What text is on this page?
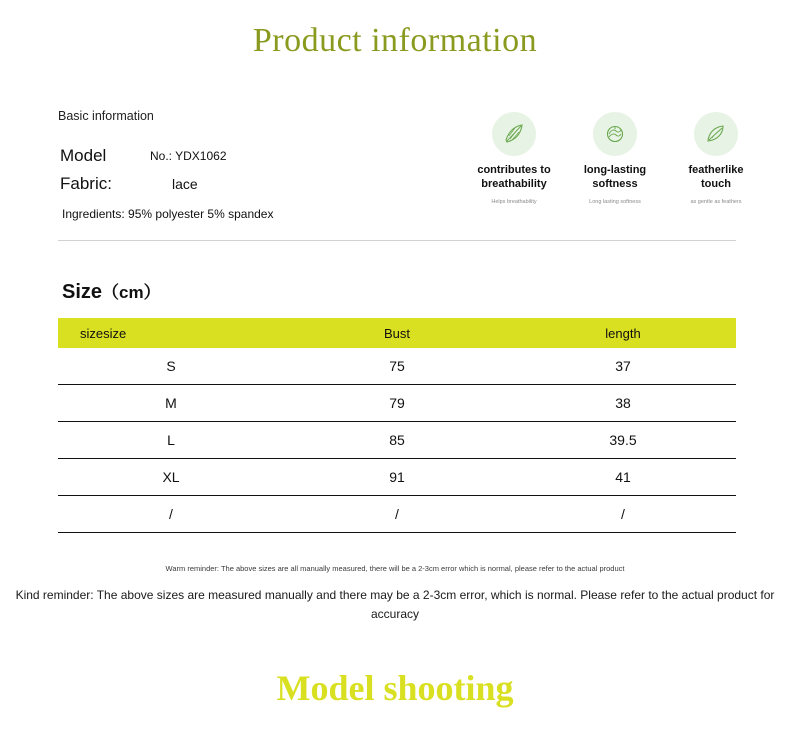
Product information
Basic information
Model	No.: YDX1062
Fabric:	lace
Ingredients: 95% polyester 5% spandex
contributes to breathability
Helps breathability
long-lasting softness
Long lasting softness
featherlike touch
as gentle as feathers
Size（cm）
sizesize	Bust	length
S	75	37
M	79	38
L	85	39.5
XL	91	41
/	/	/
Warm reminder: The above sizes are all manually measured, there will be a 2-3cm error which is normal, please refer to the actual product
Kind reminder: The above sizes are measured manually and there may be a 2-3cm error, which is normal. Please refer to the actual product for accuracy
Model shooting
